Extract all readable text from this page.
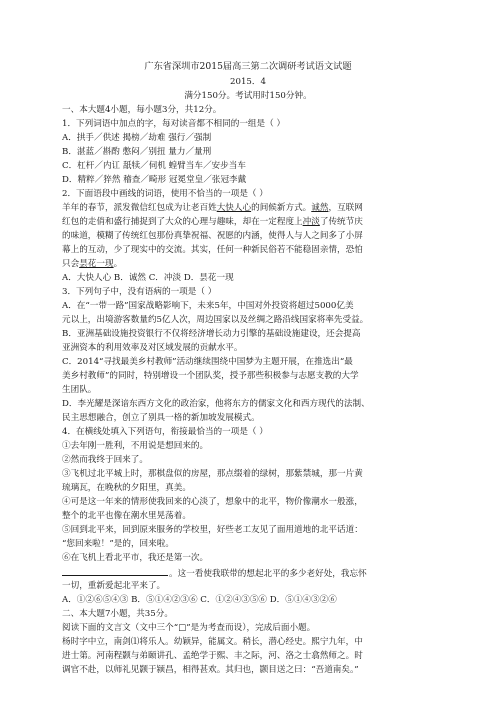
广东省深圳市2015届高三第二次调研考试语文试题
2015．4
满分150分。考试用时150分钟。
一、本大题4小题，每小题3分，共12分。
1．下列词语中加点的字，每对读音都不相同的一组是（ ）
A．拱手／供述 揭榜／劫难 强行／强制
B．湛蓝／斟酌 憋闷／别扭 量力／量刑
C．杠杆／内讧 舐犊／伺机 蝗臂当车／安步当车
D．精粹／猝然 稽查／畸形 冠冕堂皇／张冠李戴
2．下面语段中画线的词语，使用不恰当的一项是（ ）
羊年的春节，派发微信红包成为让老百姓大快人心的间候新方式。诚然，互联网
红包的走俏和盛行捕捉到了大众的心理与趣味，却在一定程度上冲淡了传统节庆
的味道，模糊了传统红包那份真挚祝福、祝愿的内涵，使得人与人之间多了小屏
幕上的互动，少了现实中的交流。其实，任何一种新民俗若不能稳固亲情，恐怕
只会昙花一现。
A．大快人心 B．诚然 C．冲淡 D．昙花一现
3．下列句子中，没有语病的一项是（ ）
A．在“一带一路”国家战略影响下，未来5年，中国对外投资将超过5000亿美
元以上，出境游客数量约5亿人次，周边国家以及丝绸之路沿线国家将率先受益。
B．亚洲基础设施投资银行不仅将经济增长动力引擎的基础设施建设，还会提高
亚洲资本的利用效率及对区域发展的贡献水平。
C．2014“寻找最美乡村教师”活动继续围绕中国梦为主题开展，在推选出“最
美乡村教师”的同时，特别增设一个团队奖，授予那些积极参与志愿支教的大学
生团队。
D．李光耀是深谙东西方文化的政治家，他将东方的儒家文化和西方现代的法制、
民主思想融合，创立了别具一格的新加坡发展模式。
4．在横线处填入下列语句，衔接最恰当的一项是（ ）
①去年刚一胜利，不用说是想回来的。
②然而我终于回来了。
③飞机过北平城上时，那棋盘似的房屋，那点缀着的绿树，那紫禁城，那一片黄
琉璃瓦，在晚秋的夕阳里，真美。
④可是这一年来的情形使我回来的心淡了，想象中的北平，物价像潮水一般涨，
整个的北平也像在潮水里晃荡着。
⑤回到北平来，回到原来服务的学校里，好些老工友见了面用道地的北平话道：
“您回来啦！”是的，回来啦。
⑥在飞机上看北平市，我还是第一次。
。这一看使我联带的想起北平的多少老好处，我忘怀
一切，重新爱起北平来了。
A．①②⑥⑤④③ B．⑤①④②③⑥ C．①②④③⑤⑥ D．⑤①④③②⑥
二、本大题7小题，共35分。
阅读下面的文言文（文中三个“□”是为考查而设），完成后面小题。
杨时字中立，南剑⑴将乐人。幼颖异，能属文。稍长，潜心经史。熙宁九年，中
进士第。河南程颢与弟颐讲孔、孟绝学于熙、丰之际，河、洛之士翕然师之。时
调官不赴，以师礼见颢于颍昌，相得甚欢。其归也，颢目送之曰：“吾道南矣。”
